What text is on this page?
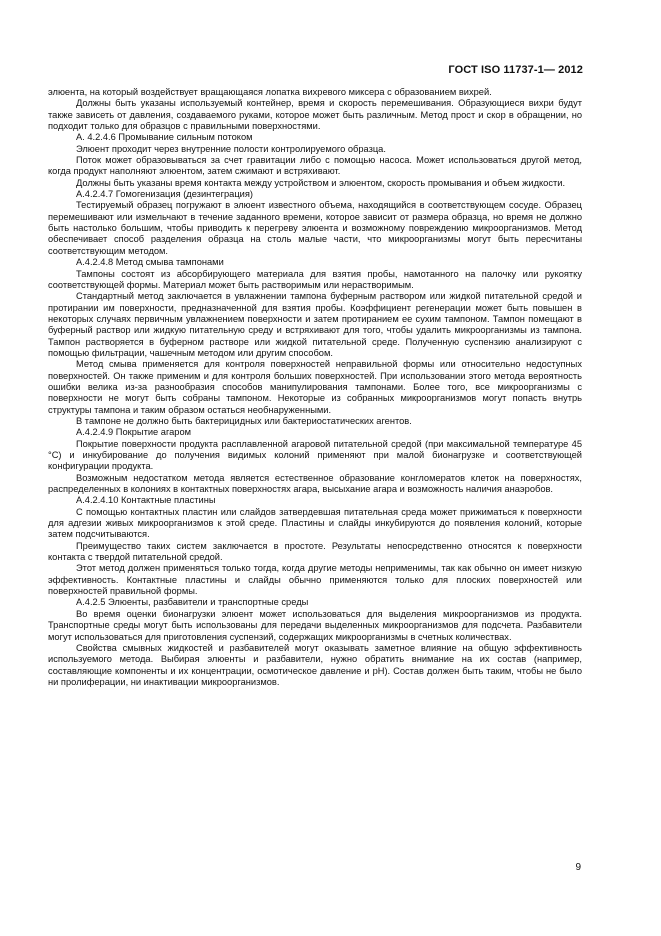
ГОСТ ISO 11737-1— 2012

элюента, на который воздействует вращающаяся лопатка вихревого миксера с образованием вихрей.

Должны быть указаны используемый контейнер, время и скорость перемешивания. Образующиеся вихри будут также зависеть от давления, создаваемого руками, которое может быть различным. Метод прост и скор в обращении, но подходит только для образцов с правильными поверхностями.

А. 4.2.4.6 Промывание сильным потоком

Элюент проходит через внутренние полости контролируемого образца.

Поток может образовываться за счет гравитации либо с помощью насоса. Может использоваться другой метод, когда продукт наполняют элюентом, затем сжимают и встряхивают.

Должны быть указаны время контакта между устройством и элюентом, скорость промывания и объем жидкости.

А.4.2.4.7 Гомогенизация (дезинтеграция)

Тестируемый образец погружают в элюент известного объема, находящийся в соответствующем сосуде. Образец перемешивают или измельчают в течение заданного времени, которое зависит от размера образца, но время не должно быть настолько большим, чтобы приводить к перегреву элюента и возможному повреждению микроорганизмов. Метод обеспечивает способ разделения образца на столь малые части, что микроорганизмы могут быть пересчитаны соответствующим методом.

А.4.2.4.8 Метод смыва тампонами

Тампоны состоят из абсорбирующего материала для взятия пробы, намотанного на палочку или рукоятку соответствующей формы. Материал может быть растворимым или нерастворимым.

Стандартный метод заключается в увлажнении тампона буферным раствором или жидкой питательной средой и протирании им поверхности, предназначенной для взятия пробы. Коэффициент регенерации может быть повышен в некоторых случаях первичным увлажнением поверхности и затем протиранием ее сухим тампоном. Тампон помещают в буферный раствор или жидкую питательную среду и встряхивают для того, чтобы удалить микроорганизмы из тампона. Тампон растворяется в буферном растворе или жидкой питательной среде. Полученную суспензию анализируют с помощью фильтрации, чашечным методом или другим способом.

Метод смыва применяется для контроля поверхностей неправильной формы или относительно недоступных поверхностей. Он также применим и для контроля больших поверхностей. При использовании этого метода вероятность ошибки велика из-за разнообразия способов манипулирования тампонами. Более того, все микроорганизмы с поверхности не могут быть собраны тампоном. Некоторые из собранных микроорганизмов могут попасть внутрь структуры тампона и таким образом остаться необнаруженными.

В тампоне не должно быть бактерицидных или бактериостатических агентов.

А.4.2.4.9 Покрытие агаром

Покрытие поверхности продукта расплавленной агаровой питательной средой (при максимальной температуре 45 °С) и инкубирование до получения видимых колоний применяют при малой бионагрузке и соответствующей конфигурации продукта.

Возможным недостатком метода является естественное образование конгломератов клеток на поверхностях, распределенных в колониях в контактных поверхностях агара, высыхание агара и возможность наличия анаэробов.

А.4.2.4.10 Контактные пластины

С помощью контактных пластин или слайдов затвердевшая питательная среда может прижиматься к поверхности для адгезии живых микроорганизмов к этой среде. Пластины и слайды инкубируются до появления колоний, которые затем подсчитываются.

Преимущество таких систем заключается в простоте. Результаты непосредственно относятся к поверхности контакта с твердой питательной средой.

Этот метод должен применяться только тогда, когда другие методы неприменимы, так как обычно он имеет низкую эффективность. Контактные пластины и слайды обычно применяются только для плоских поверхностей или поверхностей правильной формы.

А.4.2.5 Элюенты, разбавители и транспортные среды

Во время оценки бионагрузки элюент может использоваться для выделения микроорганизмов из продукта. Транспортные среды могут быть использованы для передачи выделенных микроорганизмов для подсчета. Разбавители могут использоваться для приготовления суспензий, содержащих микроорганизмы в счетных количествах.

Свойства смывных жидкостей и разбавителей могут оказывать заметное влияние на общую эффективность используемого метода. Выбирая элюенты и разбавители, нужно обратить внимание на их состав (например, составляющие компоненты и их концентрации, осмотическое давление и рН). Состав должен быть таким, чтобы не было ни пролиферации, ни инактивации микроорганизмов.

9
